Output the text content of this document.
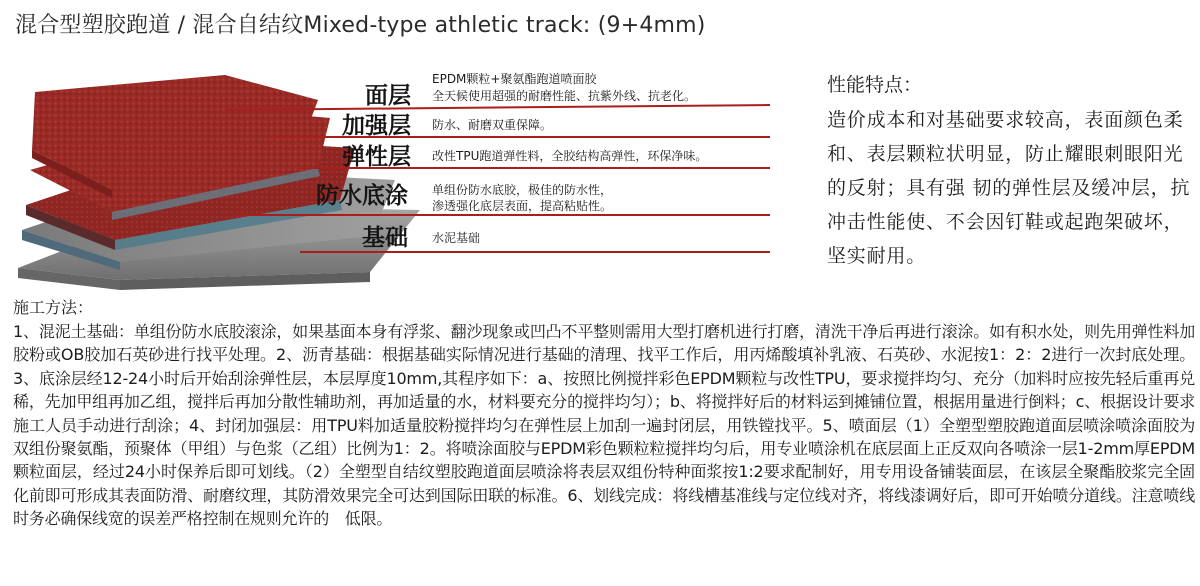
混合型塑胶跑道 / 混合自结纹Mixed-type athletic track: (9+4mm)
面层
EPDM颗粒+聚氨酯跑道喷面胶
全天候使用超强的耐磨性能、抗紫外线、抗老化。
加强层 防水、耐磨双重保障。
弹性层 改性TPU跑道弹性料，全胶结构高弹性，环保净味。
防水底涂 单组份防水底胶，极佳的防水性，
渗透强化底层表面，提高粘贴性。
基础 水泥基础
性能特点：
造价成本和对基础要求较高，表面颜色柔和、表层颗粒状明显，防止耀眼刺眼阳光的反射；具有强 韧的弹性层及缓冲层，抗冲击性能使、不会因钉鞋或起跑架破坏，坚实耐用。
施工方法：
1、混泥土基础：单组份防水底胶滚涂，如果基面本身有浮浆、翻沙现象或凹凸不平整则需用大型打磨机进行打磨，清洗干净后再进行滚涂。如有积水处，则先用弹性料加胶粉或OB胶加石英砂进行找平处理。2、沥青基础：根据基础实际情况进行基础的清理、找平工作后，用丙烯酸填补乳液、石英砂、水泥按1：2：2进行一次封底处理。3、底涂层经12-24小时后开始刮涂弹性层，本层厚度10mm,其程序如下：a、按照比例搅拌彩色EPDM颗粒与改性TPU，要求搅拌均匀、充分（加料时应按先轻后重再兑稀，先加甲组再加乙组，搅拌后再加分散性辅助剂，再加适量的水，材料要充分的搅拌均匀）；b、将搅拌好后的材料运到摊铺位置，根据用量进行倒料；c、根据设计要求施工人员手动进行刮涂；4、封闭加强层：用TPU料加适量胶粉搅拌均匀在弹性层上加刮一遍封闭层，用铁镗找平。5、喷面层（1）全塑型塑胶跑道面层喷涂喷涂面胶为双组份聚氨酯，预聚体（甲组）与色浆（乙组）比例为1：2。将喷涂面胶与EPDM彩色颗粒粒搅拌均匀后，用专业喷涂机在底层面上正反双向各喷涂一层1-2mm厚EPDM颗粒面层，经过24小时保养后即可划线。（2）全塑型自结纹塑胶跑道面层喷涂将表层双组份特种面浆按1:2要求配制好，用专用设备铺装面层，在该层全聚酯胶浆完全固化前即可形成其表面防滑、耐磨纹理，其防滑效果完全可达到国际田联的标准。6、划线完成：将线槽基准线与定位线对齐，将线漆调好后，即可开始喷分道线。注意喷线时务必确保线宽的误差严格控制在规则允许的　低限。
